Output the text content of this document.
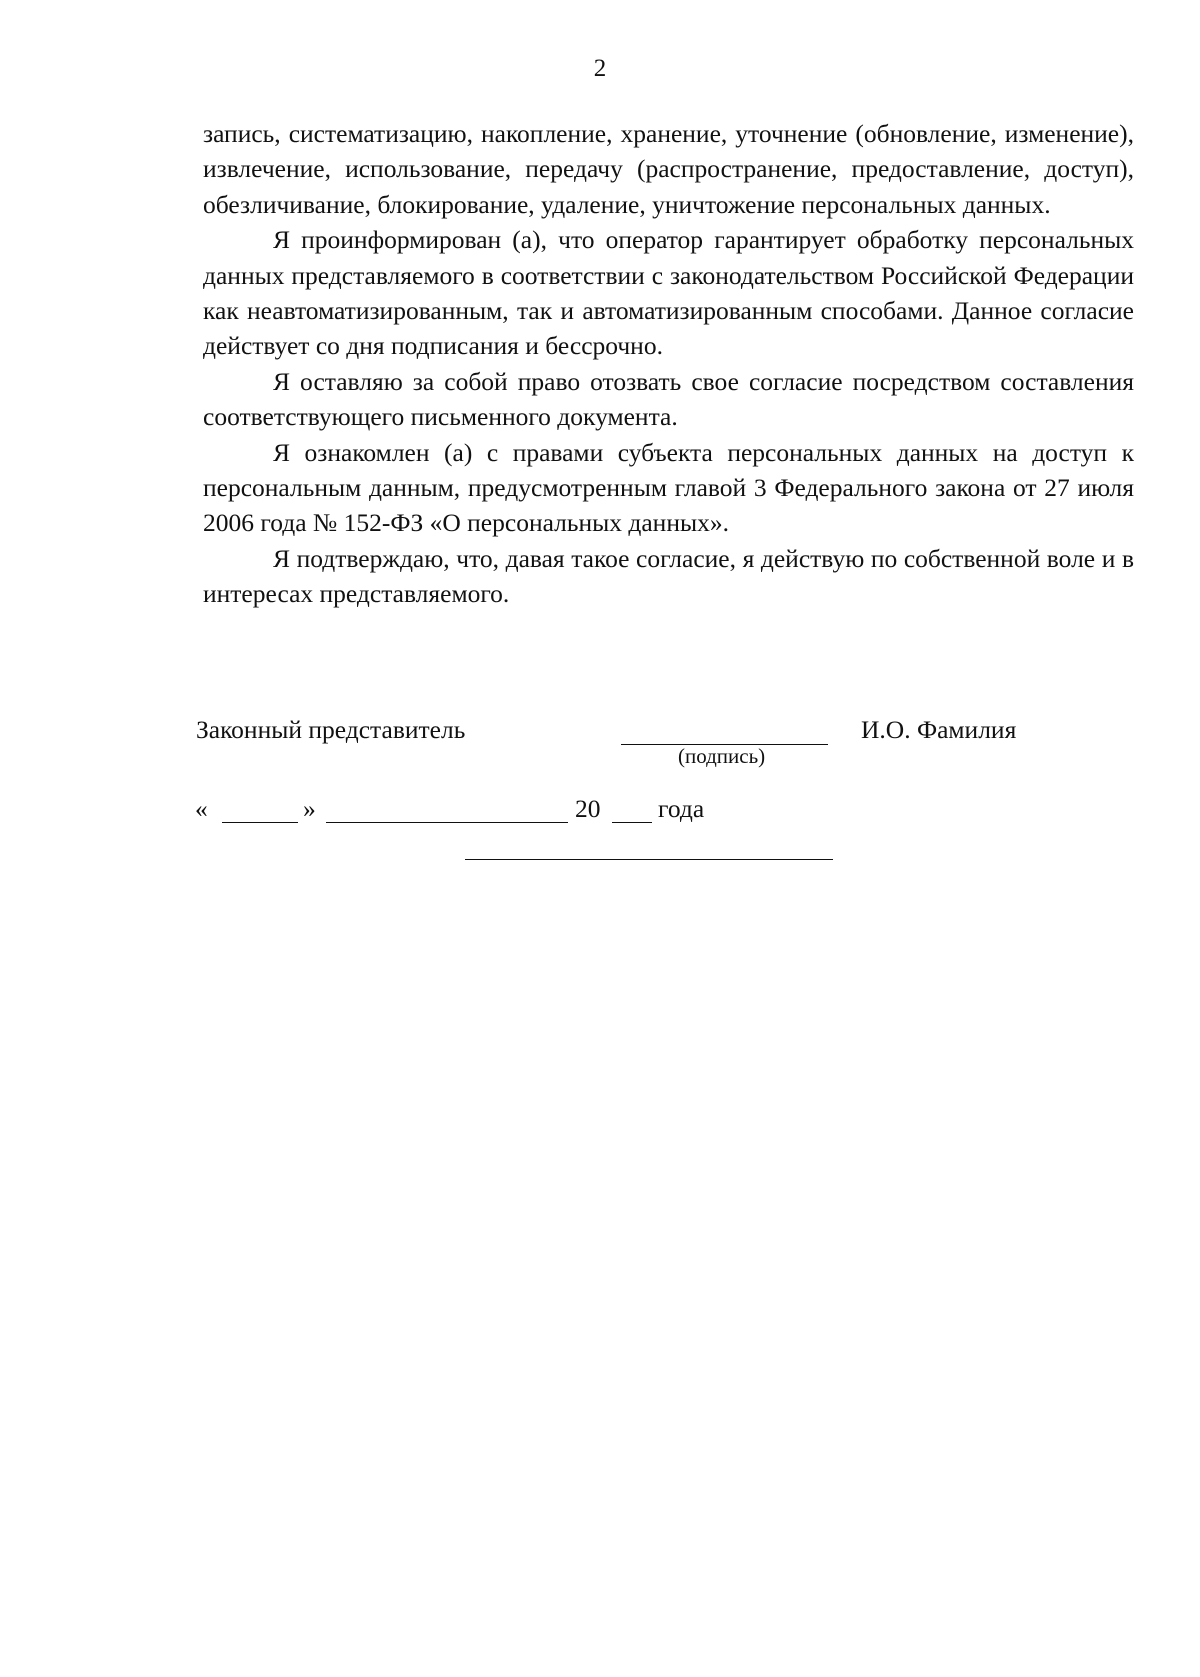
2

запись, систематизацию, накопление, хранение, уточнение (обновление, изменение), извлечение, использование, передачу (распространение, предоставление, доступ), обезличивание, блокирование, удаление, уничтожение персональных данных.

Я проинформирован (а), что оператор гарантирует обработку персональных данных представляемого в соответствии с законодательством Российской Федерации как неавтоматизированным, так и автоматизированным способами. Данное согласие действует со дня подписания и бессрочно.

Я оставляю за собой право отозвать свое согласие посредством составления соответствующего письменного документа.

Я ознакомлен (а) с правами субъекта персональных данных на доступ к персональным данным, предусмотренным главой 3 Федерального закона от 27 июля 2006 года № 152-ФЗ «О персональных данных».

Я подтверждаю, что, давая такое согласие, я действую по собственной воле и в интересах представляемого.

Законный представитель
(подпись)
И.О. Фамилия
«	»	20 года
